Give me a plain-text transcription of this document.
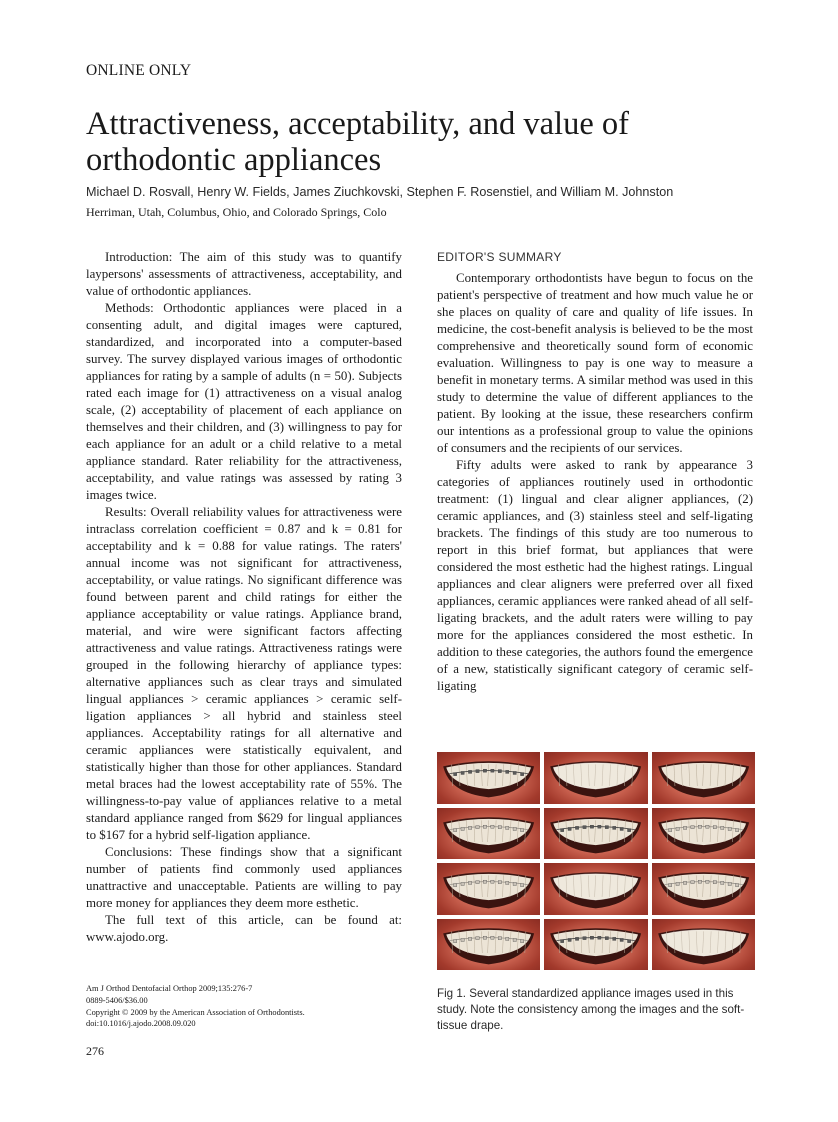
ONLINE ONLY
Attractiveness, acceptability, and value of orthodontic appliances
Michael D. Rosvall, Henry W. Fields, James Ziuchkovski, Stephen F. Rosenstiel, and William M. Johnston
Herriman, Utah, Columbus, Ohio, and Colorado Springs, Colo

Introduction: The aim of this study was to quantify laypersons' assessments of attractiveness, acceptability, and value of orthodontic appliances.

Methods: Orthodontic appliances were placed in a consenting adult, and digital images were captured, standardized, and incorporated into a computer-based survey. The survey displayed various images of orthodontic appliances for rating by a sample of adults (n = 50). Subjects rated each image for (1) attractiveness on a visual analog scale, (2) acceptability of placement of each appliance on themselves and their children, and (3) willingness to pay for each appliance for an adult or a child relative to a metal appliance standard. Rater reliability for the attractiveness, acceptability, and value ratings was assessed by rating 3 images twice.

Results: Overall reliability values for attractiveness were intraclass correlation coefficient = 0.87 and k = 0.81 for acceptability and k = 0.88 for value ratings. The raters' annual income was not significant for attractiveness, acceptability, or value ratings. No significant difference was found between parent and child ratings for either the appliance acceptability or value ratings. Appliance brand, material, and wire were significant factors affecting attractiveness and value ratings. Attractiveness ratings were grouped in the following hierarchy of appliance types: alternative appliances such as clear trays and simulated lingual appliances > ceramic appliances > ceramic self-ligation appliances > all hybrid and stainless steel appliances. Acceptability ratings for all alternative and ceramic appliances were statistically equivalent, and statistically higher than those for other appliances. Standard metal braces had the lowest acceptability rate of 55%. The willingness-to-pay value of appliances relative to a metal standard appliance ranged from $629 for lingual appliances to $167 for a hybrid self-ligation appliance.

Conclusions: These findings show that a significant number of patients find commonly used appliances unattractive and unacceptable. Patients are willing to pay more money for appliances they deem more esthetic.

The full text of this article, can be found at: www.ajodo.org.

EDITOR'S SUMMARY

Contemporary orthodontists have begun to focus on the patient's perspective of treatment and how much value he or she places on quality of care and quality of life issues. In medicine, the cost-benefit analysis is believed to be the most comprehensive and theoretically sound form of economic evaluation. Willingness to pay is one way to measure a benefit in monetary terms. A similar method was used in this study to determine the value of different appliances to the patient. By looking at the issue, these researchers confirm our intentions as a professional group to value the opinions of consumers and the recipients of our services.

Fifty adults were asked to rank by appearance 3 categories of appliances routinely used in orthodontic treatment: (1) lingual and clear aligner appliances, (2) ceramic appliances, and (3) stainless steel and self-ligating brackets. The findings of this study are too numerous to report in this brief format, but appliances that were considered the most esthetic had the highest ratings. Lingual appliances and clear aligners were preferred over all fixed appliances, ceramic appliances were ranked ahead of all self-ligating brackets, and the adult raters were willing to pay more for the appliances considered the most esthetic. In addition to these categories, the authors found the emergence of a new, statistically significant category of ceramic self-ligating

Fig 1. Several standardized appliance images used in this study. Note the consistency among the images and the soft-tissue drape.
Am J Orthod Dentofacial Orthop 2009;135:276-7
0889-5406/$36.00
Copyright © 2009 by the American Association of Orthodontists.
doi:10.1016/j.ajodo.2008.09.020
276
